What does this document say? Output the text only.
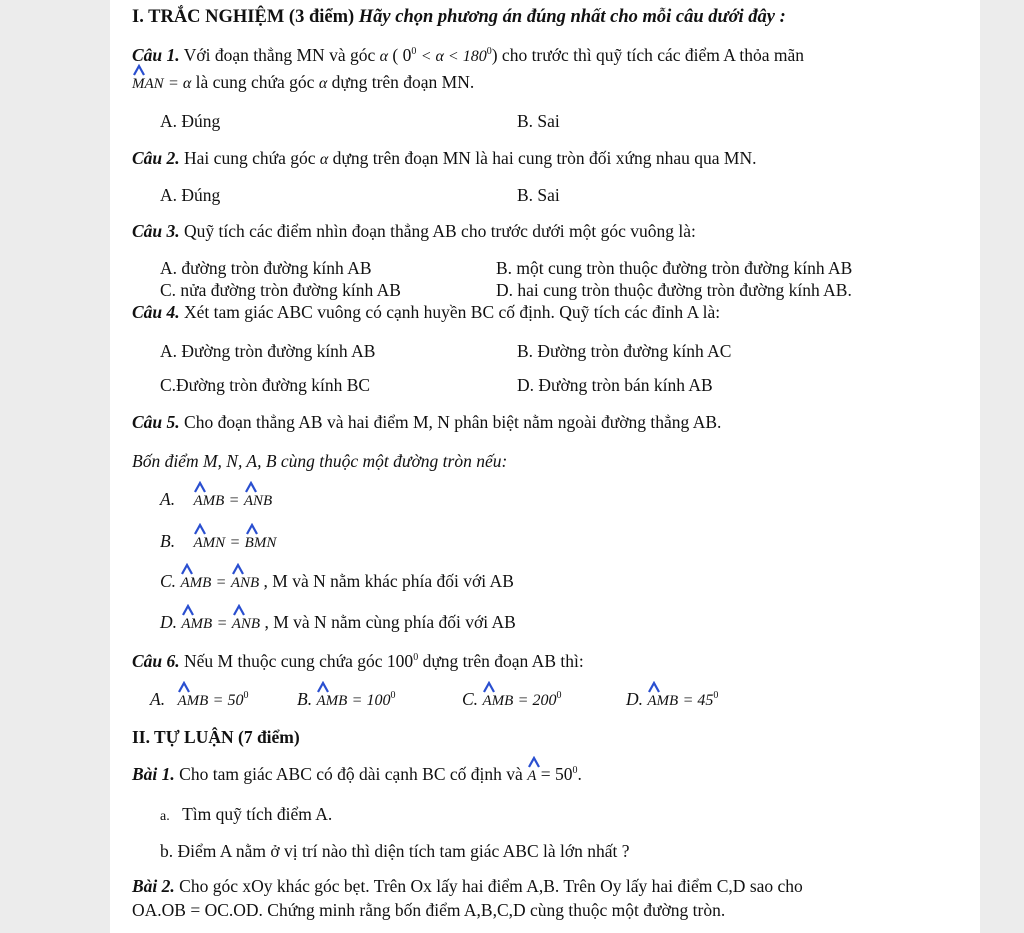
I. TRẮC NGHIỆM (3 điểm) Hãy chọn phương án đúng nhất cho mỗi câu dưới đây :
Câu 1. Với đoạn thẳng MN và góc α ( $0^0 < \alpha < 180^0$) cho trước thì quỹ tích các điểm A thỏa mãn
MAN = α là cung chứa góc α dựng trên đoạn MN.
A. Đúng	B. Sai
Câu 2. Hai cung chứa góc α dựng trên đoạn MN là hai cung tròn đối xứng nhau qua MN.
A. Đúng	B. Sai
Câu 3. Quỹ tích các điểm nhìn đoạn thẳng AB cho trước dưới một góc vuông là:
A. đường tròn đường kính AB	B. một cung tròn thuộc đường tròn đường kính AB
C. nửa đường tròn đường kính AB	D. hai cung tròn thuộc đường tròn đường kính AB.
Câu 4. Xét tam giác ABC vuông có cạnh huyền BC cố định. Quỹ tích các đỉnh A là:
A. Đường tròn đường kính AB	B. Đường tròn đường kính AC
C.Đường tròn đường kính BC	D. Đường tròn bán kính AB
Câu 5. Cho đoạn thẳng AB và hai điểm M, N phân biệt nằm ngoài đường thẳng AB.
Bốn điểm M, N, A, B cùng thuộc một đường tròn nếu:
A. AMB = ANB
B. AMN = BMN
C. AMB = ANB , M và N nằm khác phía đối với AB
D. AMB = ANB , M và N nằm cùng phía đối với AB
Câu 6. Nếu M thuộc cung chứa góc $100^0$ dựng trên đoạn AB thì:
A. AMB = $50^0$	B. AMB = $100^0$	C. AMB = $200^0$	D. AMB = $45^0$
II. TỰ LUẬN (7 điểm)
Bài 1. Cho tam giác ABC có độ dài cạnh BC cố định và $A = 50^0$.
a. Tìm quỹ tích điểm A.
b. Điểm A nằm ở vị trí nào thì diện tích tam giác ABC là lớn nhất ?
Bài 2. Cho góc xOy khác góc bẹt. Trên Ox lấy hai điểm A,B. Trên Oy lấy hai điểm C,D sao cho
OA.OB = OC.OD. Chứng minh rằng bốn điểm A,B,C,D cùng thuộc một đường tròn.
